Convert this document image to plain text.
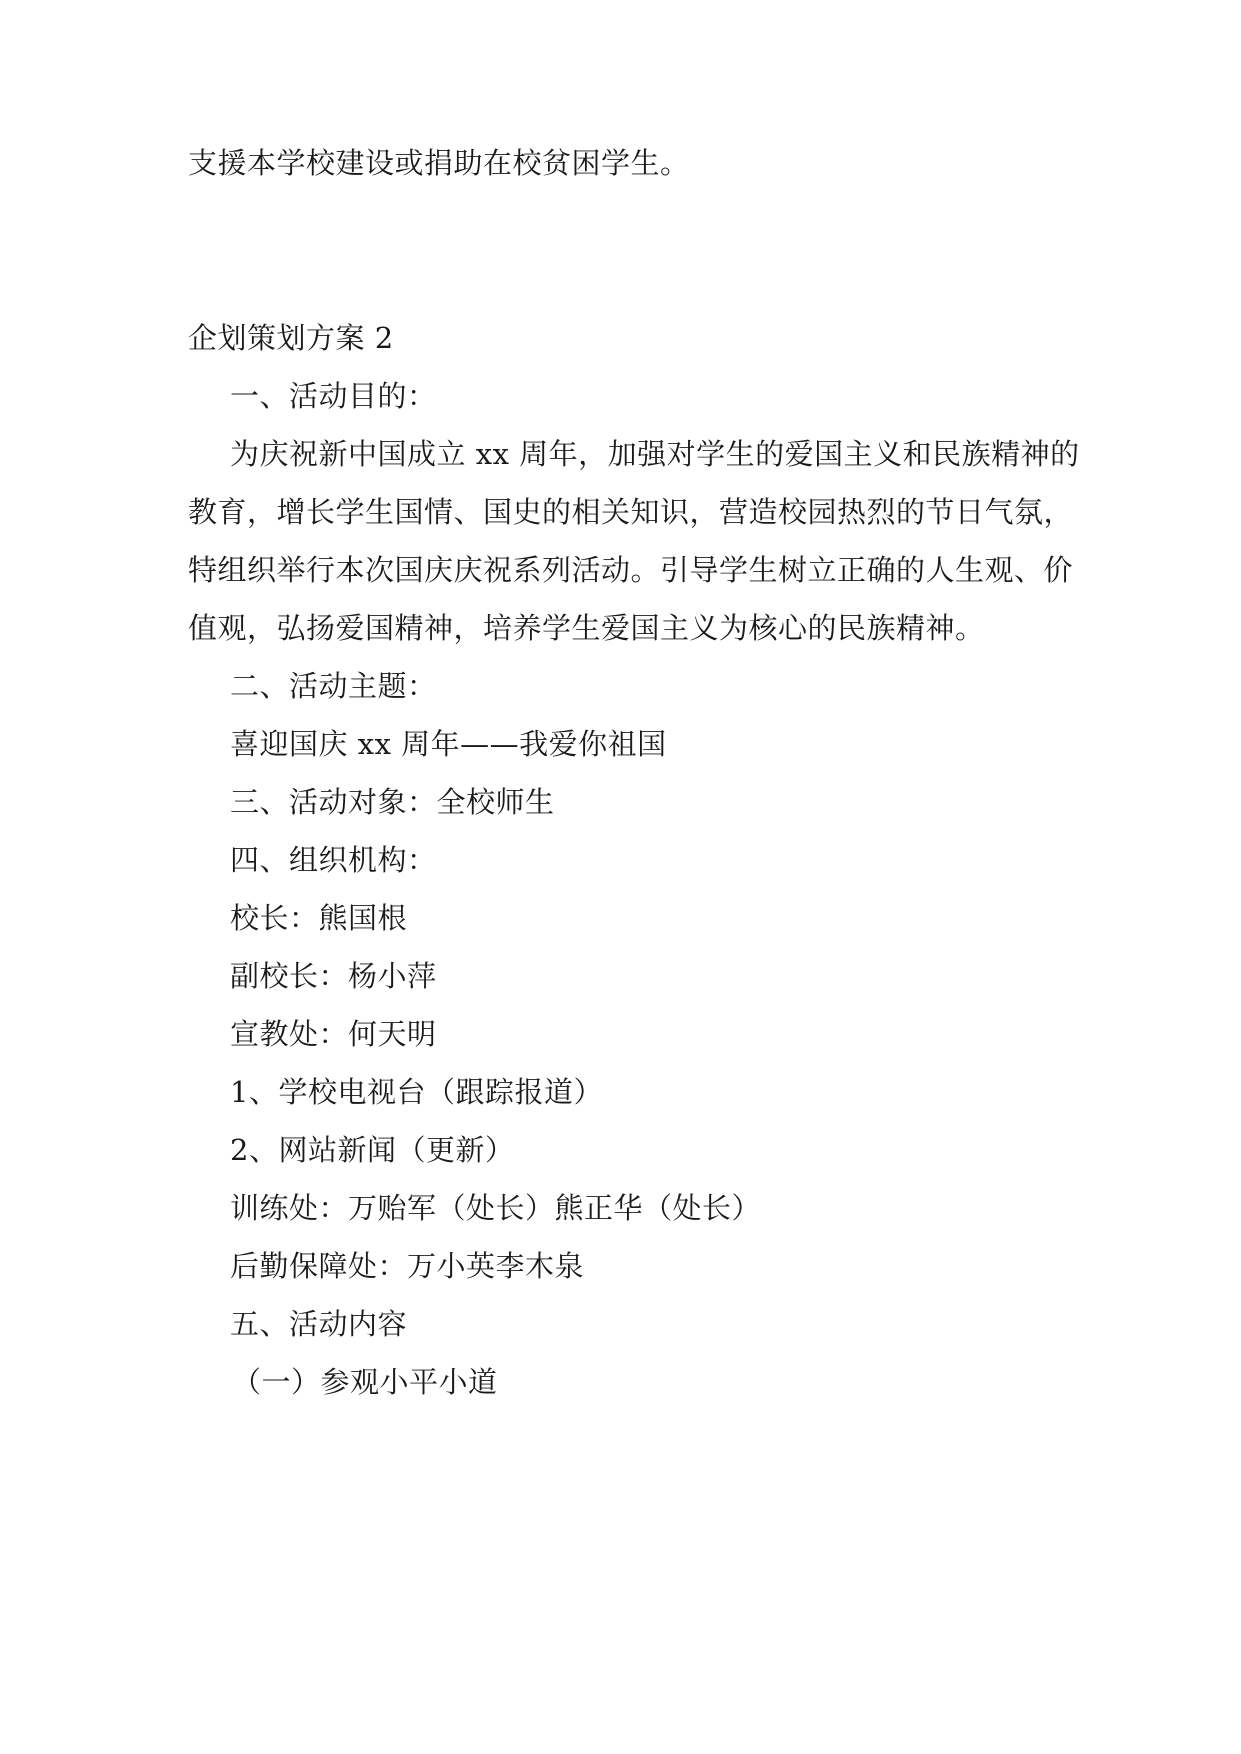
支援本学校建设或捐助在校贫困学生。

企划策划方案 2

一、活动目的：

为庆祝新中国成立 xx 周年，加强对学生的爱国主义和民族精神的

教育，增长学生国情、国史的相关知识，营造校园热烈的节日气氛，

特组织举行本次国庆庆祝系列活动。引导学生树立正确的人生观、价

值观，弘扬爱国精神，培养学生爱国主义为核心的民族精神。

二、活动主题：

喜迎国庆 xx 周年——我爱你祖国

三、活动对象：全校师生

四、组织机构：

校长：熊国根

副校长：杨小萍

宣教处：何天明

1、学校电视台（跟踪报道）

2、网站新闻（更新）

训练处：万贻军（处长）熊正华（处长）

后勤保障处：万小英李木泉

五、活动内容

（一）参观小平小道
